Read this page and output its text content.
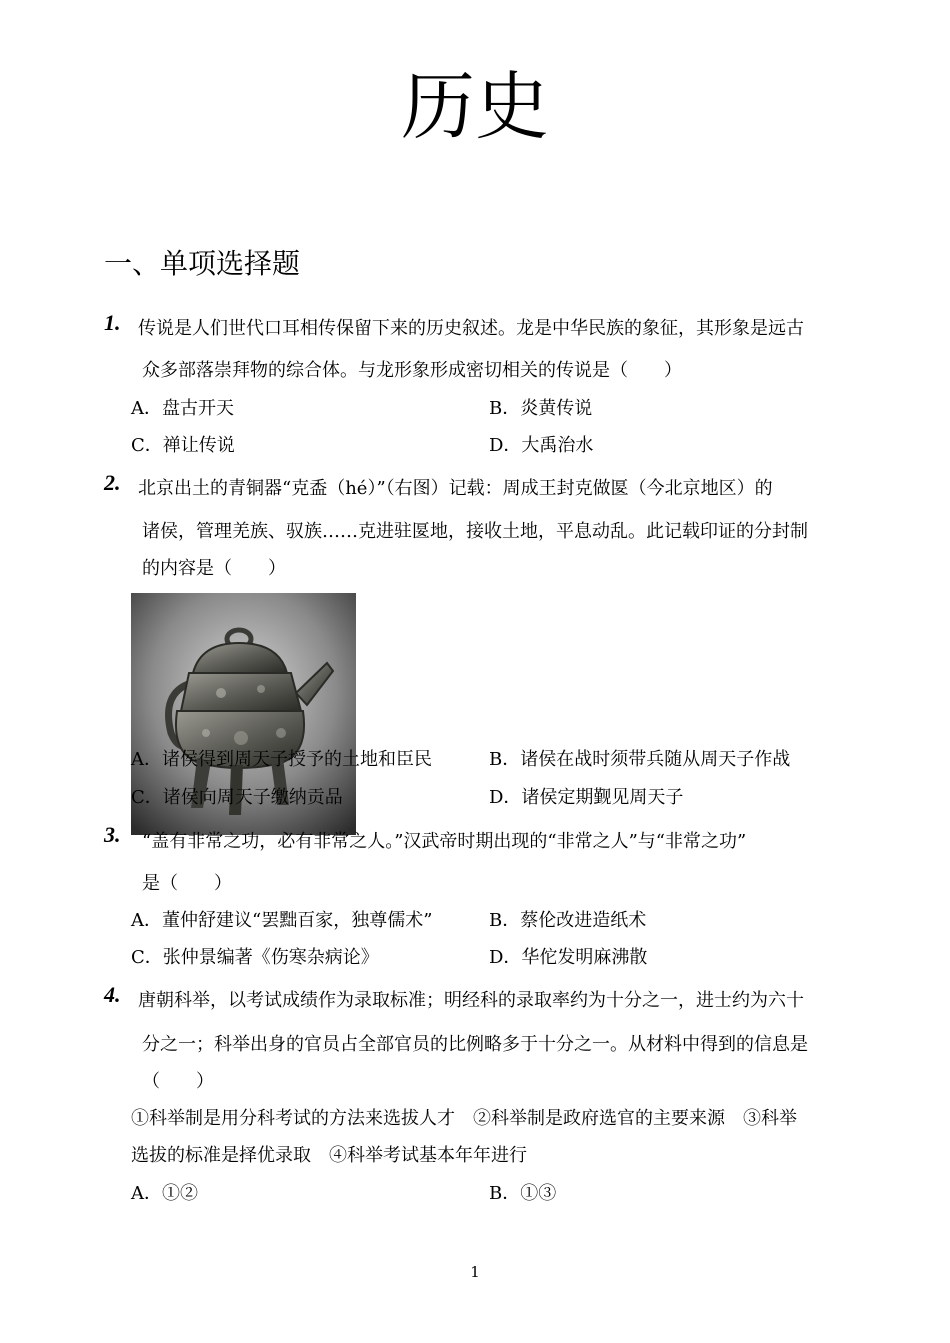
历史
一、单项选择题
1. 传说是人们世代口耳相传保留下来的历史叙述。龙是中华民族的象征，其形象是远古
众多部落崇拜物的综合体。与龙形象形成密切相关的传说是（　　）
A．盘古开天	B．炎黄传说
C．禅让传说	D．大禹治水
2. 北京出土的青铜器“克盉（hé）”（右图）记载：周成王封克做匽（今北京地区）的
诸侯，管理羌族、驭族……克进驻匽地，接收土地，平息动乱。此记载印证的分封制
的内容是（　　）
A．诸侯得到周天子授予的土地和臣民	B．诸侯在战时须带兵随从周天子作战
C．诸侯向周天子缴纳贡品	D．诸侯定期觐见周天子
3. “盖有非常之功，必有非常之人。”汉武帝时期出现的“非常之人”与“非常之功”
是（　　）
A．董仲舒建议“罢黜百家，独尊儒术”	B．蔡伦改进造纸术
C．张仲景编著《伤寒杂病论》	D．华佗发明麻沸散
4. 唐朝科举，以考试成绩作为录取标准；明经科的录取率约为十分之一，进士约为六十
分之一；科举出身的官员占全部官员的比例略多于十分之一。从材料中得到的信息是
（　　）
①科举制是用分科考试的方法来选拔人才　②科举制是政府选官的主要来源　③科举
选拔的标准是择优录取　④科举考试基本年年进行
A．①②	B．①③
1
